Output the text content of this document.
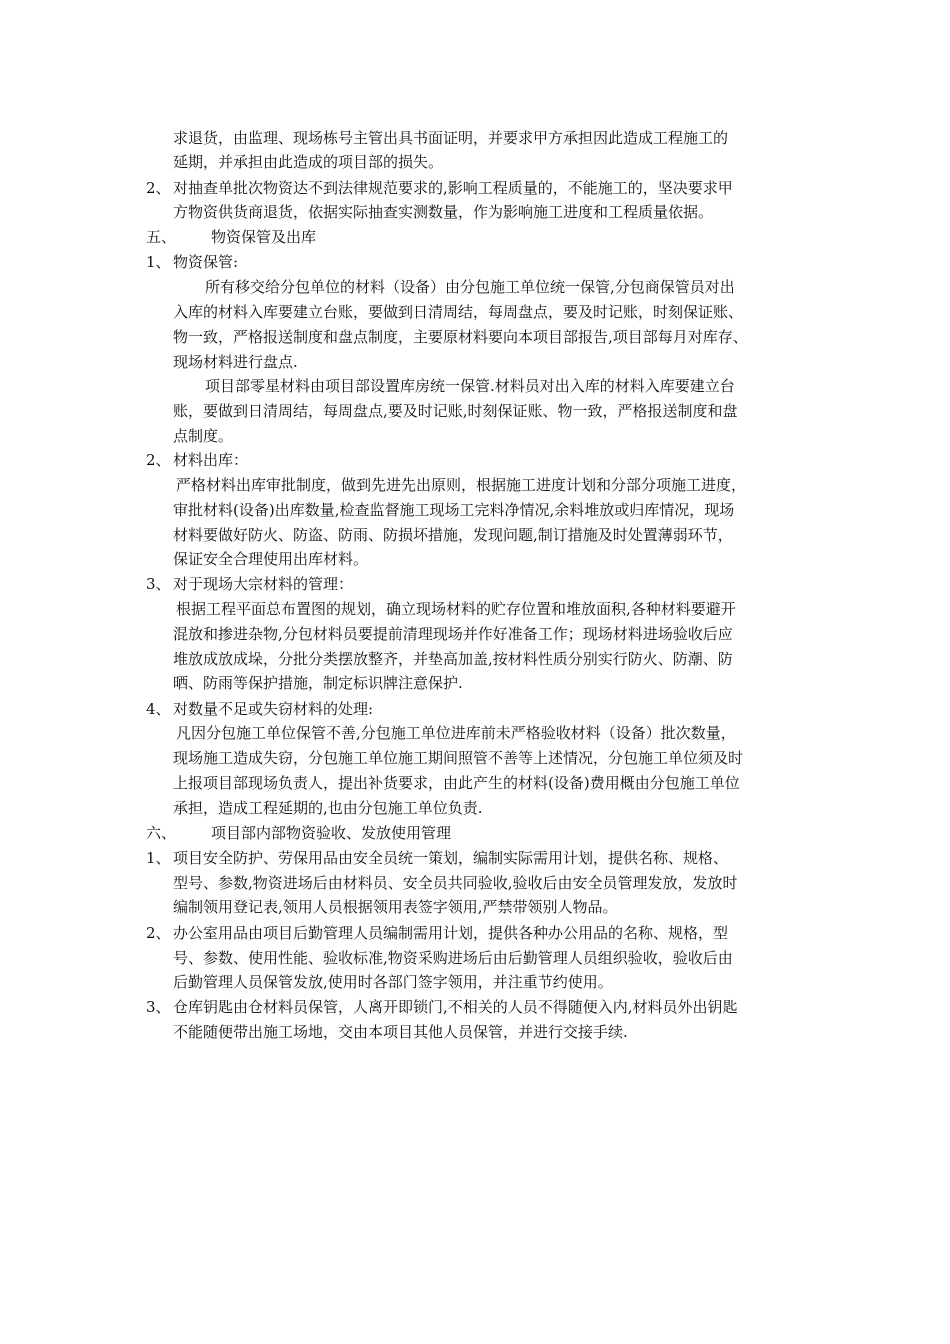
求退货，由监理、现场栋号主管出具书面证明，并要求甲方承担因此造成工程施工的
延期，并承担由此造成的项目部的损失。
2、 对抽查单批次物资达不到法律规范要求的,影响工程质量的，不能施工的，坚决要求甲
方物资供货商退货，依据实际抽查实测数量，作为影响施工进度和工程质量依据。
五、 物资保管及出库
1、 物资保管:
所有移交给分包单位的材料（设备）由分包施工单位统一保管,分包商保管员对出
入库的材料入库要建立台账，要做到日清周结，每周盘点，要及时记账，时刻保证账、
物一致，严格报送制度和盘点制度，主要原材料要向本项目部报告,项目部每月对库存、
现场材料进行盘点.
项目部零星材料由项目部设置库房统一保管.材料员对出入库的材料入库要建立台
账，要做到日清周结，每周盘点,要及时记账,时刻保证账、物一致，严格报送制度和盘
点制度。
2、 材料出库：
严格材料出库审批制度，做到先进先出原则，根据施工进度计划和分部分项施工进度，
审批材料(设备)出库数量,检查监督施工现场工完料净情况,余料堆放或归库情况，现场
材料要做好防火、防盗、防雨、防损坏措施，发现问题,制订措施及时处置薄弱环节，
保证安全合理使用出库材料。
3、 对于现场大宗材料的管理：
根据工程平面总布置图的规划，确立现场材料的贮存位置和堆放面积,各种材料要避开
混放和掺进杂物,分包材料员要提前清理现场并作好准备工作；现场材料进场验收后应
堆放成放成垛，分批分类摆放整齐，并垫高加盖,按材料性质分别实行防火、防潮、防
晒、防雨等保护措施，制定标识牌注意保护.
4、 对数量不足或失窃材料的处理:
凡因分包施工单位保管不善,分包施工单位进库前未严格验收材料（设备）批次数量，
现场施工造成失窃，分包施工单位施工期间照管不善等上述情况，分包施工单位须及时
上报项目部现场负责人，提出补货要求，由此产生的材料(设备)费用概由分包施工单位
承担，造成工程延期的,也由分包施工单位负责.
六、 项目部内部物资验收、发放使用管理
1、 项目安全防护、劳保用品由安全员统一策划，编制实际需用计划，提供名称、规格、
型号、参数,物资进场后由材料员、安全员共同验收,验收后由安全员管理发放，发放时
编制领用登记表,领用人员根据领用表签字领用,严禁带领别人物品。
2、 办公室用品由项目后勤管理人员编制需用计划，提供各种办公用品的名称、规格，型
号、参数、使用性能、验收标准,物资采购进场后由后勤管理人员组织验收，验收后由
后勤管理人员保管发放,使用时各部门签字领用，并注重节约使用。
3、 仓库钥匙由仓材料员保管，人离开即锁门,不相关的人员不得随便入内,材料员外出钥匙
不能随便带出施工场地，交由本项目其他人员保管，并进行交接手续.
